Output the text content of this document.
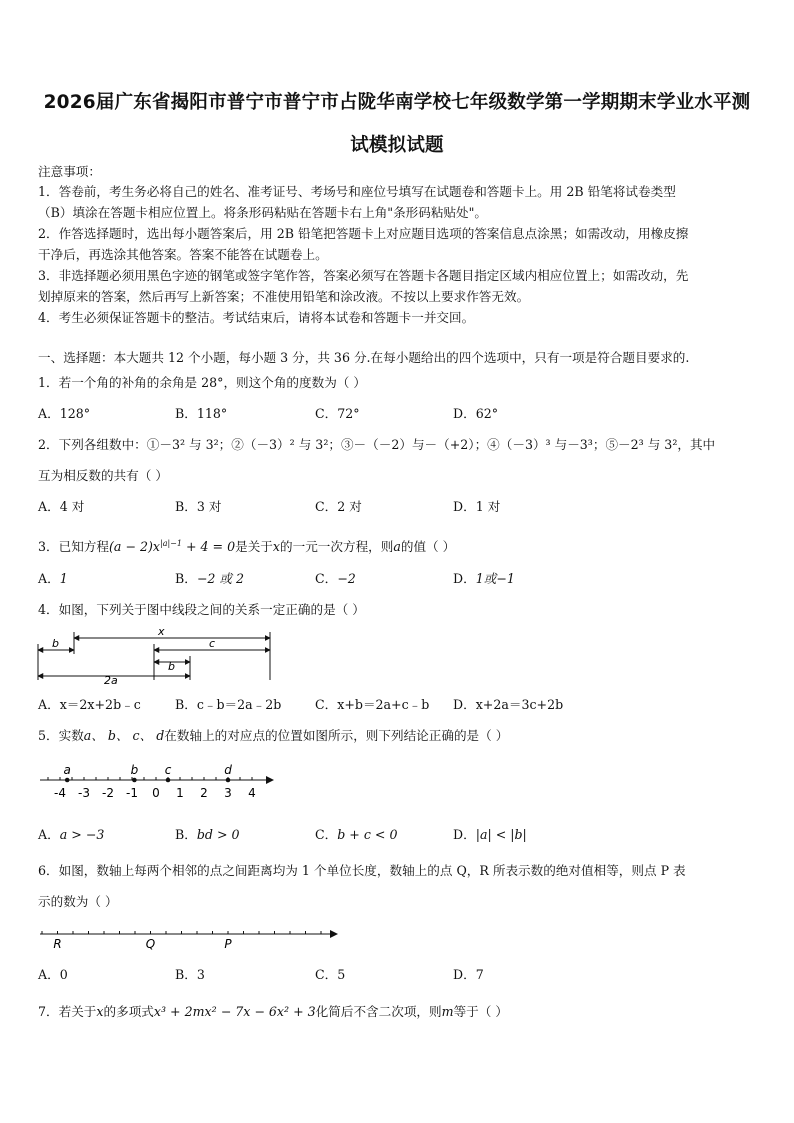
2026届广东省揭阳市普宁市普宁市占陇华南学校七年级数学第一学期期末学业水平测
试模拟试题
注意事项：
1．答卷前，考生务必将自己的姓名、准考证号、考场号和座位号填写在试题卷和答题卡上。用 2B 铅笔将试卷类型
（B）填涂在答题卡相应位置上。将条形码粘贴在答题卡右上角"条形码粘贴处"。
2．作答选择题时，选出每小题答案后，用 2B 铅笔把答题卡上对应题目选项的答案信息点涂黑；如需改动，用橡皮擦
干净后，再选涂其他答案。答案不能答在试题卷上。
3．非选择题必须用黑色字迹的钢笔或签字笔作答，答案必须写在答题卡各题目指定区域内相应位置上；如需改动，先
划掉原来的答案，然后再写上新答案；不准使用铅笔和涂改液。不按以上要求作答无效。
4．考生必须保证答题卡的整洁。考试结束后，请将本试卷和答题卡一并交回。
一、选择题：本大题共 12 个小题，每小题 3 分，共 36 分.在每小题给出的四个选项中，只有一项是符合题目要求的.
1．若一个角的补角的余角是 28°，则这个角的度数为（ ）
A．128°	B．118°	C．72°	D．62°
2．下列各组数中：①－3² 与 3²；②（－3）² 与 3²；③－（－2）与－（+2）；④（－3）³ 与－3³；⑤－2³ 与 3²，其中
互为相反数的共有（ ）
A．4 对	B．3 对	C．2 对	D．1 对
3．已知方程$(a - 2)x^{|a|-1} + 4 = 0$是关于x的一元一次方程，则a的值（ ）
A．1	B．−2 或 2	C．−2	D．1或−1
4．如图，下列关于图中线段之间的关系一定正确的是（ ）
x
b	c
b
2a
A．x＝2x+2b﹣c	B．c﹣b＝2a﹣2b	C．x+b＝2a+c﹣b D．x+2a＝3c+2b
5．实数a、 b、 c、 d在数轴上的对应点的位置如图所示，则下列结论正确的是（ ）
-4 -3 -2 -1 0 1 2 3 4
a	b c	d
A．a > −3	B．bd > 0	C．b + c < 0	D．|a| < |b|
6．如图，数轴上每两个相邻的点之间距离均为 1 个单位长度，数轴上的点 Q，R 所表示数的绝对值相等，则点 P 表
示的数为（ ）
R	Q	P
A．0	B．3	C．5	D．7
7．若关于x的多项式x³ + 2mx² − 7x − 6x² + 3化简后不含二次项，则m等于（ ）
